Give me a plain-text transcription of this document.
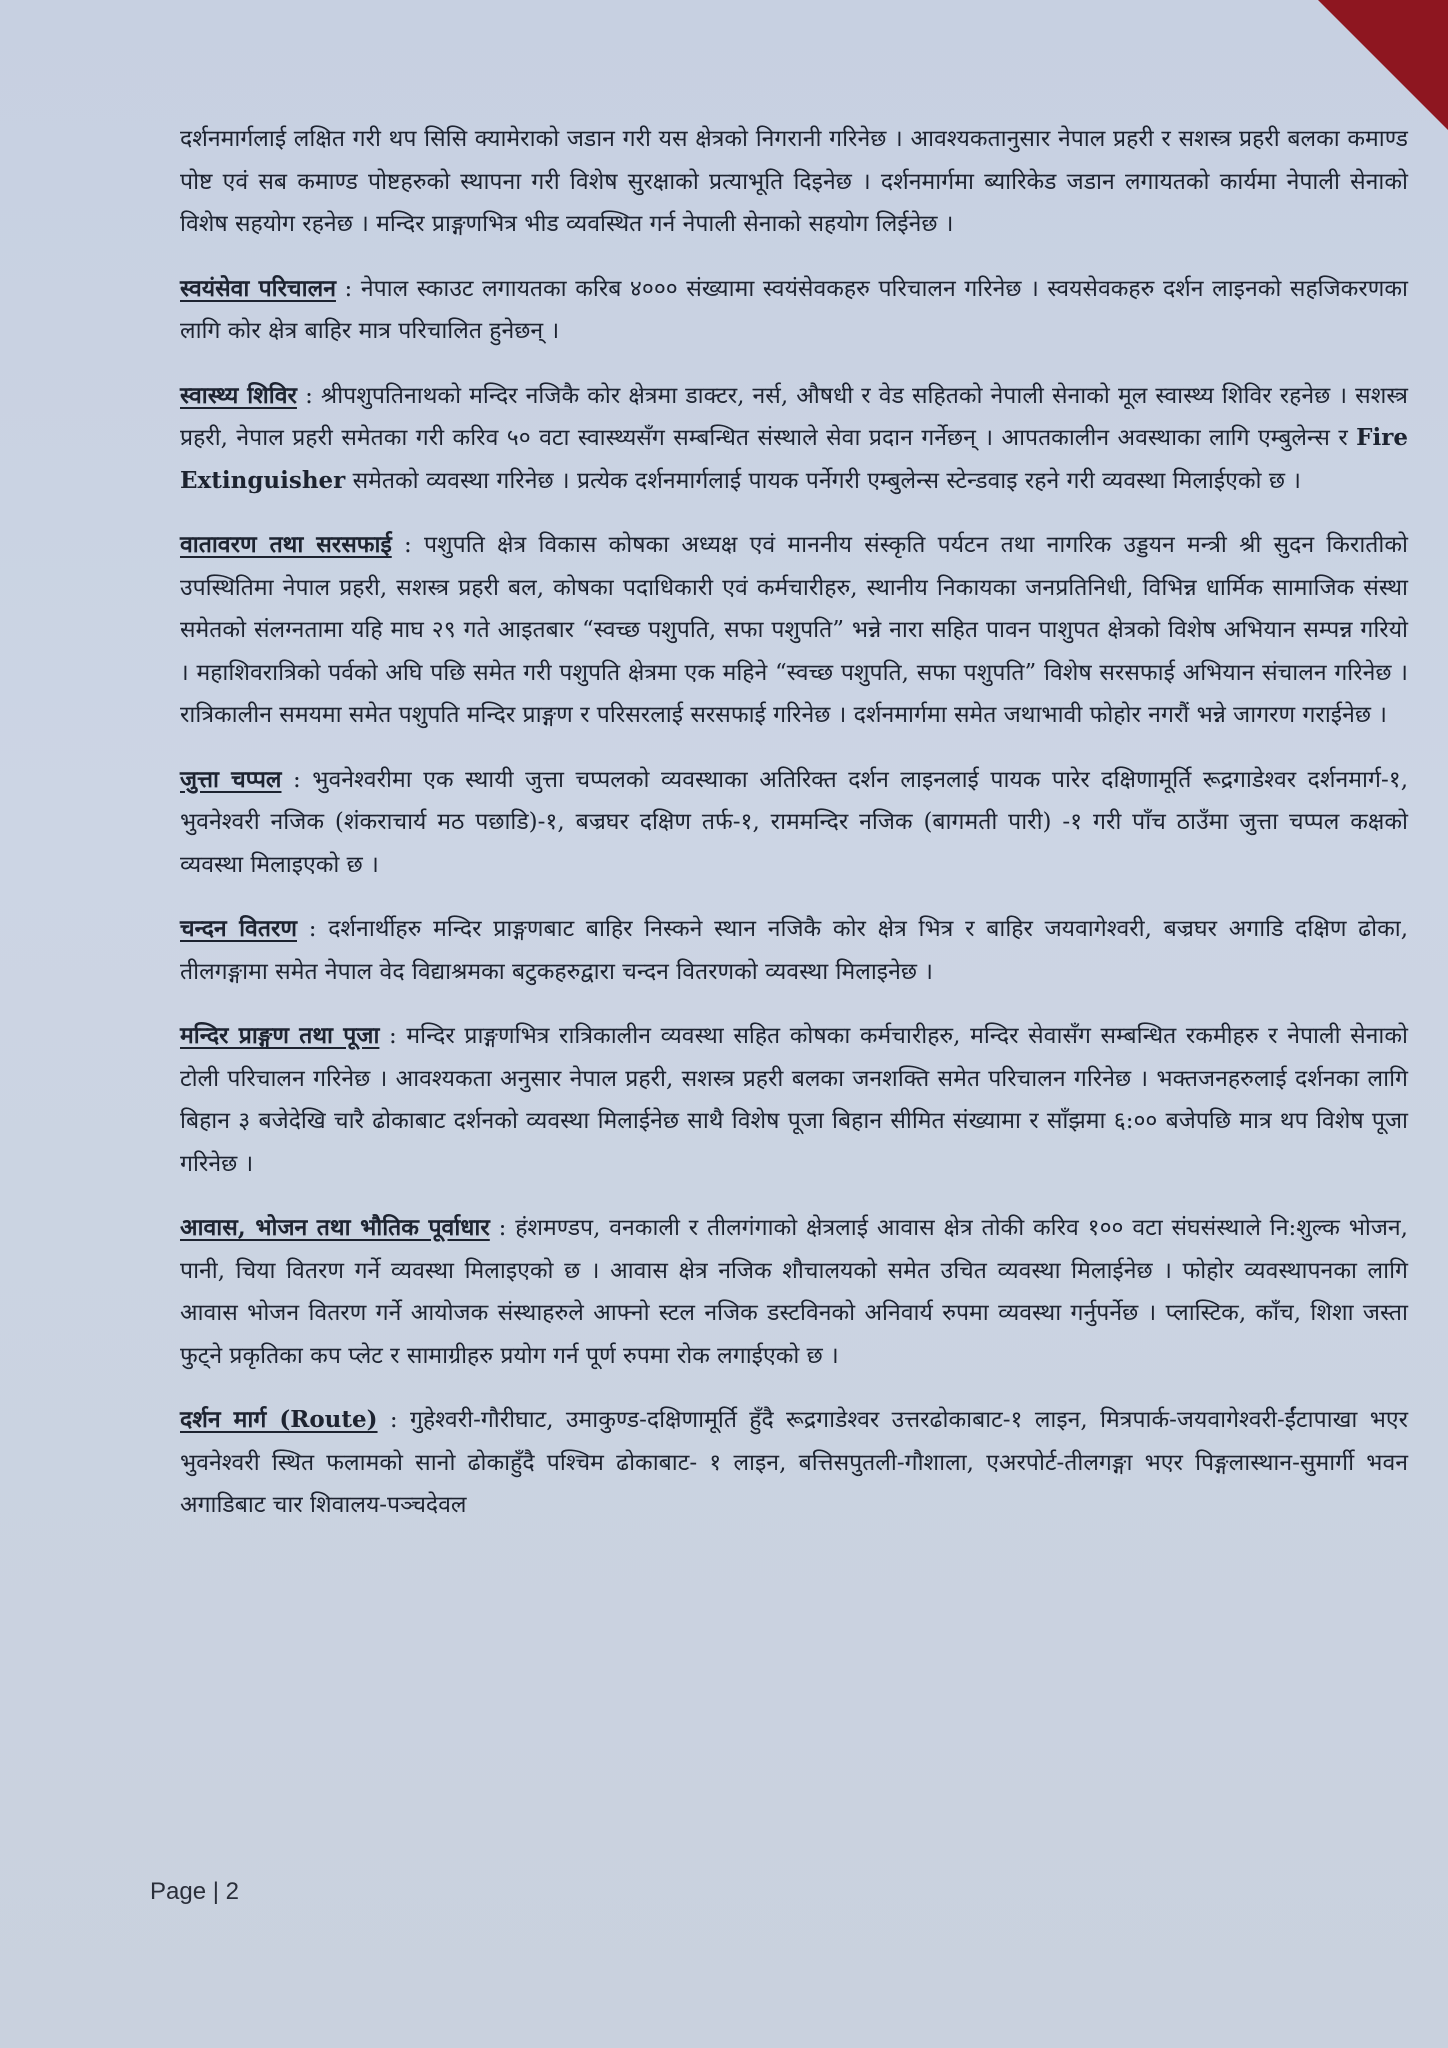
दर्शनमार्गलाई लक्षित गरी थप सिसि क्यामेराको जडान गरी यस क्षेत्रको निगरानी गरिनेछ । आवश्यकतानुसार नेपाल प्रहरी र सशस्त्र प्रहरी बलका कमाण्ड पोष्ट एवं सब कमाण्ड पोष्टहरुको स्थापना गरी विशेष सुरक्षाको प्रत्याभूति दिइनेछ । दर्शनमार्गमा ब्यारिकेड जडान लगायतको कार्यमा नेपाली सेनाको विशेष सहयोग रहनेछ । मन्दिर प्राङ्गणभित्र भीड व्यवस्थित गर्न नेपाली सेनाको सहयोग लिईनेछ ।

स्वयंसेवा परिचालन : नेपाल स्काउट लगायतका करिब ४००० संख्यामा स्वयंसेवकहरु परिचालन गरिनेछ । स्वयसेवकहरु दर्शन लाइनको सहजिकरणका लागि कोर क्षेत्र बाहिर मात्र परिचालित हुनेछन् ।

स्वास्थ्य शिविर : श्रीपशुपतिनाथको मन्दिर नजिकै कोर क्षेत्रमा डाक्टर, नर्स, औषधी र वेड सहितको नेपाली सेनाको मूल स्वास्थ्य शिविर रहनेछ । सशस्त्र प्रहरी, नेपाल प्रहरी समेतका गरी करिव ५० वटा स्वास्थ्यसँग सम्बन्धित संस्थाले सेवा प्रदान गर्नेछन् । आपतकालीन अवस्थाका लागि एम्बुलेन्स र Fire Extinguisher समेतको व्यवस्था गरिनेछ । प्रत्येक दर्शनमार्गलाई पायक पर्नेगरी एम्बुलेन्स स्टेन्डवाइ रहने गरी व्यवस्था मिलाईएको छ ।

वातावरण तथा सरसफाई : पशुपति क्षेत्र विकास कोषका अध्यक्ष एवं माननीय संस्कृति पर्यटन तथा नागरिक उड्डयन मन्त्री श्री सुदन किरातीको उपस्थितिमा नेपाल प्रहरी, सशस्त्र प्रहरी बल, कोषका पदाधिकारी एवं कर्मचारीहरु, स्थानीय निकायका जनप्रतिनिधी, विभिन्न धार्मिक सामाजिक संस्था समेतको संलग्नतामा यहि माघ २९ गते आइतबार “स्वच्छ पशुपति, सफा पशुपति” भन्ने नारा सहित पावन पाशुपत क्षेत्रको विशेष अभियान सम्पन्न गरियो । महाशिवरात्रिको पर्वको अघि पछि समेत गरी पशुपति क्षेत्रमा एक महिने “स्वच्छ पशुपति, सफा पशुपति” विशेष सरसफाई अभियान संचालन गरिनेछ । रात्रिकालीन समयमा समेत पशुपति मन्दिर प्राङ्गण र परिसरलाई सरसफाई गरिनेछ । दर्शनमार्गमा समेत जथाभावी फोहोर नगरौं भन्ने जागरण गराईनेछ ।

जुत्ता चप्पल : भुवनेश्वरीमा एक स्थायी जुत्ता चप्पलको व्यवस्थाका अतिरिक्त दर्शन लाइनलाई पायक पारेर दक्षिणामूर्ति रूद्रगाडेश्वर दर्शनमार्ग-१, भुवनेश्वरी नजिक (शंकराचार्य मठ पछाडि)-१, बज्रघर दक्षिण तर्फ-१, राममन्दिर नजिक (बागमती पारी) -१ गरी पाँच ठाउँमा जुत्ता चप्पल कक्षको व्यवस्था मिलाइएको छ ।

चन्दन वितरण : दर्शनार्थीहरु मन्दिर प्राङ्गणबाट बाहिर निस्कने स्थान नजिकै कोर क्षेत्र भित्र र बाहिर जयवागेश्वरी, बज्रघर अगाडि दक्षिण ढोका, तीलगङ्गामा समेत नेपाल वेद विद्याश्रमका बटुकहरुद्वारा चन्दन वितरणको व्यवस्था मिलाइनेछ ।

मन्दिर प्राङ्गण तथा पूजा : मन्दिर प्राङ्गणभित्र रात्रिकालीन व्यवस्था सहित कोषका कर्मचारीहरु, मन्दिर सेवासँग सम्बन्धित रकमीहरु र नेपाली सेनाको टोली परिचालन गरिनेछ । आवश्यकता अनुसार नेपाल प्रहरी, सशस्त्र प्रहरी बलका जनशक्ति समेत परिचालन गरिनेछ । भक्तजनहरुलाई दर्शनका लागि बिहान ३ बजेदेखि चारै ढोकाबाट दर्शनको व्यवस्था मिलाईनेछ साथै विशेष पूजा बिहान सीमित संख्यामा र साँझमा ६:०० बजेपछि मात्र थप विशेष पूजा गरिनेछ ।

आवास, भोजन तथा भौतिक पूर्वाधार : हंशमण्डप, वनकाली र तीलगंगाको क्षेत्रलाई आवास क्षेत्र तोकी करिव १०० वटा संघसंस्थाले नि:शुल्क भोजन, पानी, चिया वितरण गर्ने व्यवस्था मिलाइएको छ । आवास क्षेत्र नजिक शौचालयको समेत उचित व्यवस्था मिलाईनेछ । फोहोर व्यवस्थापनका लागि आवास भोजन वितरण गर्ने आयोजक संस्थाहरुले आफ्नो स्टल नजिक डस्टविनको अनिवार्य रुपमा व्यवस्था गर्नुपर्नेछ । प्लास्टिक, काँच, शिशा जस्ता फुट्ने प्रकृतिका कप प्लेट र सामाग्रीहरु प्रयोग गर्न पूर्ण रुपमा रोक लगाईएको छ ।

दर्शन मार्ग (Route) : गुहेश्वरी-गौरीघाट, उमाकुण्ड-दक्षिणामूर्ति हुँदै रूद्रगाडेश्वर उत्तरढोकाबाट-१ लाइन, मित्रपार्क-जयवागेश्वरी-ईंटापाखा भएर भुवनेश्वरी स्थित फलामको सानो ढोकाहुँदै पश्चिम ढोकाबाट- १ लाइन, बत्तिसपुतली-गौशाला, एअरपोर्ट-तीलगङ्गा भएर पिङ्गलास्थान-सुमार्गी भवन अगाडिबाट चार शिवालय-पञ्चदेवल

Page | 2
